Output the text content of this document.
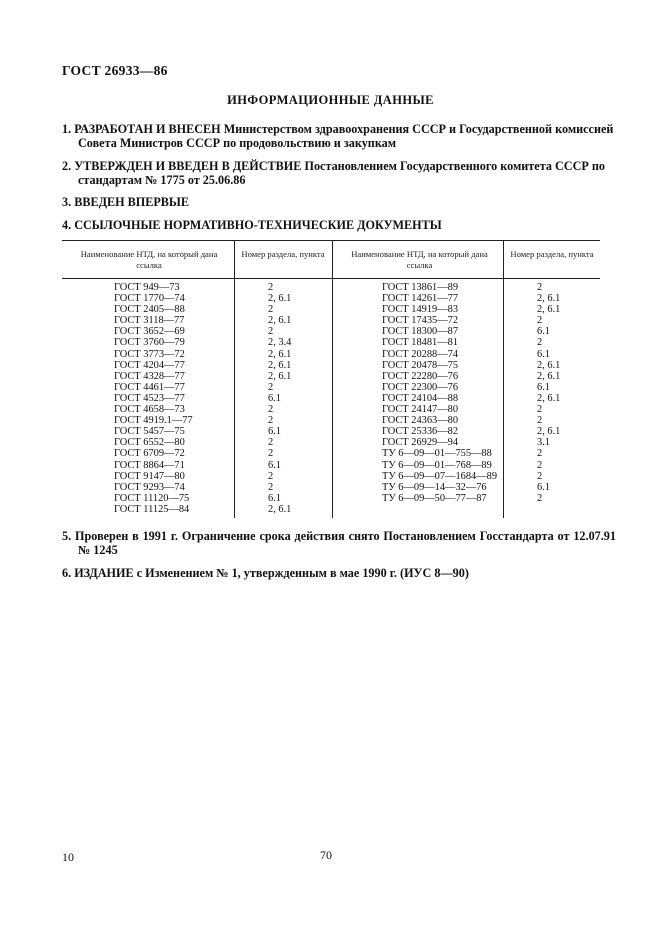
ГОСТ 26933—86
ИНФОРМАЦИОННЫЕ ДАННЫЕ
1. РАЗРАБОТАН И ВНЕСЕН Министерством здравоохранения СССР и Государственной комиссией Совета Министров СССР по продовольствию и закупкам
2. УТВЕРЖДЕН И ВВЕДЕН В ДЕЙСТВИЕ Постановлением Государственного комитета СССР по стандартам № 1775 от 25.06.86
3. ВВЕДЕН ВПЕРВЫЕ
4. ССЫЛОЧНЫЕ НОРМАТИВНО-ТЕХНИЧЕСКИЕ ДОКУМЕНТЫ
Наименование НТД, на который дана ссылка
Номер раздела, пункта	Наименование НТД, на который дана ссылка
Номер раздела, пункта
ГОСТ 949—73
ГОСТ 1770—74
ГОСТ 2405—88
ГОСТ 3118—77
ГОСТ 3652—69
ГОСТ 3760—79
ГОСТ 3773—72
ГОСТ 4204—77
ГОСТ 4328—77
ГОСТ 4461—77
ГОСТ 4523—77
ГОСТ 4658—73
ГОСТ 4919.1—77
ГОСТ 5457—75
ГОСТ 6552—80
ГОСТ 6709—72
ГОСТ 8864—71
ГОСТ 9147—80
ГОСТ 9293—74
ГОСТ 11120—75
ГОСТ 11125—84
2
2, 6.1
2
2, 6.1
2
2, 3.4
2, 6.1
2, 6.1
2, 6.1
2
6.1
2
2
6.1
2
2
6.1
2
2
6.1
2, 6.1
ГОСТ 13861—89
ГОСТ 14261—77
ГОСТ 14919—83
ГОСТ 17435—72
ГОСТ 18300—87
ГОСТ 18481—81
ГОСТ 20288—74
ГОСТ 20478—75
ГОСТ 22280—76
ГОСТ 22300—76
ГОСТ 24104—88
ГОСТ 24147—80
ГОСТ 24363—80
ГОСТ 25336—82
ГОСТ 26929—94
ТУ 6—09—01—755—88
ТУ 6—09—01—768—89
ТУ 6—09—07—1684—89
ТУ 6—09—14—32—76
ТУ 6—09—50—77—87
2
2, 6.1
2, 6.1
2
6.1
2
6.1
2, 6.1
2, 6.1
6.1
2, 6.1
2
2
2, 6.1
3.1
2
2
2
6.1
2
5. Проверен в 1991 г. Ограничение срока действия снято Постановлением Госстандарта от 12.07.91 № 1245
6. ИЗДАНИЕ с Изменением № 1, утвержденным в мае 1990 г. (ИУС 8—90)
10	70
